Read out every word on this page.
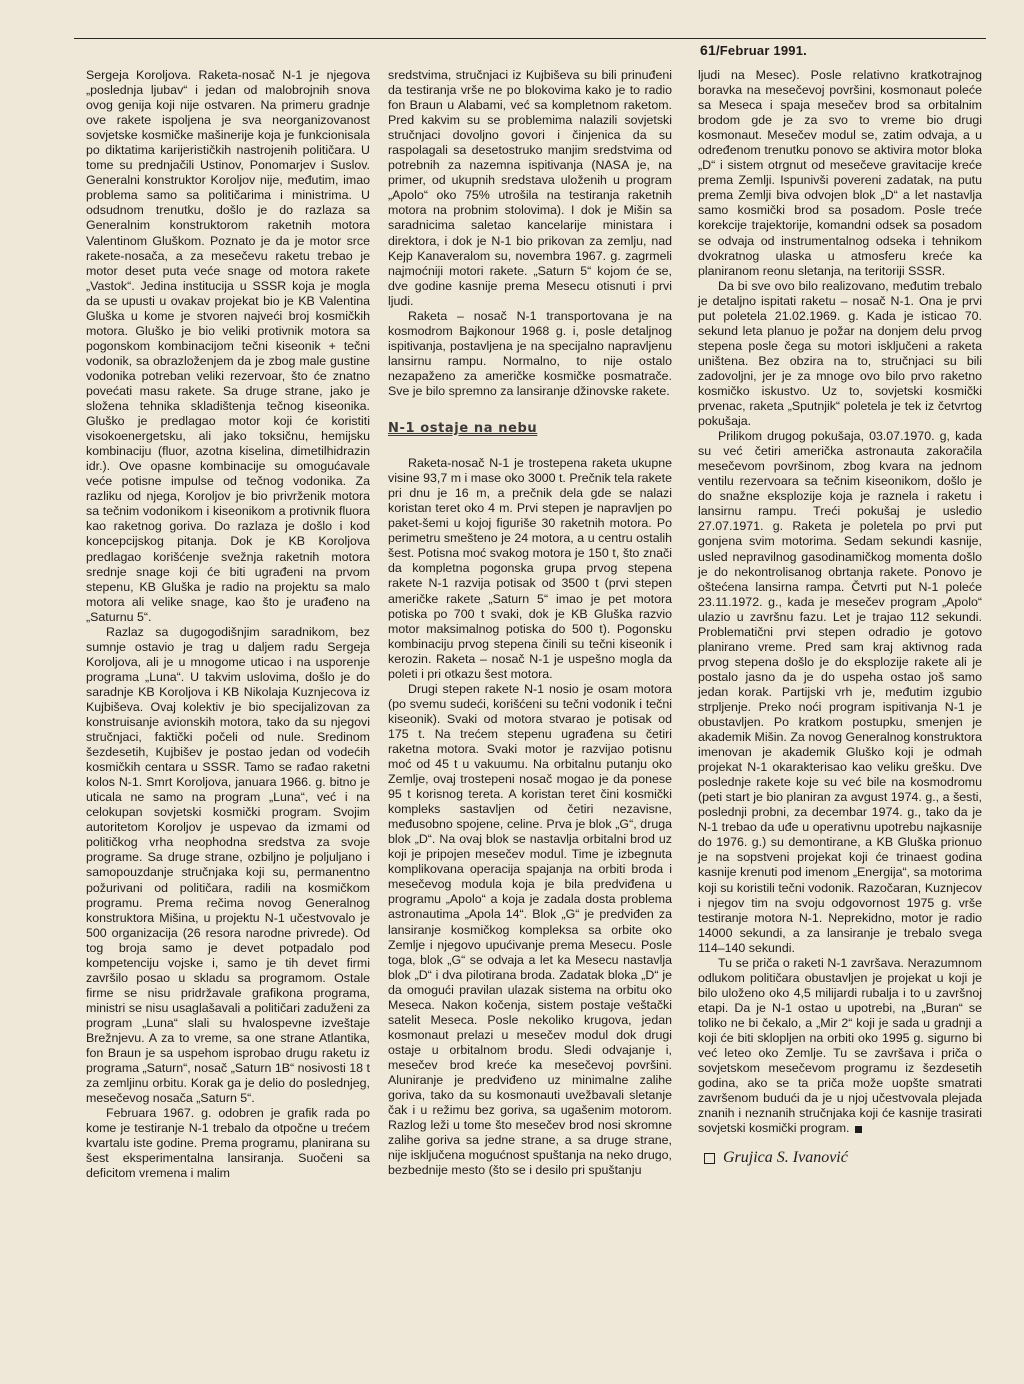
61/Februar 1991.

Sergeja Koroljova. Raketa-nosač N-1 je njegova „poslednja ljubav“ i jedan od malobrojnih snova ovog genija koji nije ostvaren. Na primeru gradnje ove rakete ispoljena je sva neorganizovanost sovjetske kosmičke mašinerije koja je funkcionisala po diktatima karijerističkih nastrojenih političara. U tome su prednjačili Ustinov, Ponomarjev i Suslov. Generalni konstruktor Koroljov nije, međutim, imao problema samo sa političarima i ministrima. U odsudnom trenutku, došlo je do razlaza sa Generalnim konstruktorom raketnih motora Valentinom Gluškom. Poznato je da je motor srce rakete-nosača, a za mesečevu raketu trebao je motor deset puta veće snage od motora rakete „Vastok“. Jedina institucija u SSSR koja je mogla da se upusti u ovakav projekat bio je KB Valentina Gluška u kome je stvoren najveći broj kosmičkih motora. Gluško je bio veliki protivnik motora sa pogonskom kombinacijom tečni kiseonik + tečni vodonik, sa obrazloženjem da je zbog male gustine vodonika potreban veliki rezervoar, što će znatno povećati masu rakete. Sa druge strane, jako je složena tehnika skladištenja tečnog kiseonika. Gluško je predlagao motor koji će koristiti visokoenergetsku, ali jako toksičnu, hemijsku kombinaciju (fluor, azotna kiselina, dimetilhidrazin idr.). Ove opasne kombinacije su omogućavale veće potisne impulse od tečnog vodonika. Za razliku od njega, Koroljov je bio privrženik motora sa tečnim vodonikom i kiseonikom a protivnik fluora kao raketnog goriva. Do razlaza je došlo i kod koncepcijskog pitanja. Dok je KB Koroljova predlagao korišćenje svežnja raketnih motora srednje snage koji će biti ugrađeni na prvom stepenu, KB Gluška je radio na projektu sa malo motora ali velike snage, kao što je urađeno na „Saturnu 5“.

Razlaz sa dugogodišnjim saradnikom, bez sumnje ostavio je trag u daljem radu Sergeja Koroljova, ali je u mnogome uticao i na usporenje programa „Luna“. U takvim uslovima, došlo je do saradnje KB Koroljova i KB Nikolaja Kuznjecova iz Kujbiševa. Ovaj kolektiv je bio specijalizovan za konstruisanje avionskih motora, tako da su njegovi stručnjaci, faktički počeli od nule. Sredinom šezdesetih, Kujbišev je postao jedan od vodećih kosmičkih centara u SSSR. Tamo se rađao raketni kolos N-1. Smrt Koroljova, januara 1966. g. bitno je uticala ne samo na program „Luna“, već i na celokupan sovjetski kosmički program. Svojim autoritetom Koroljov je uspevao da izmami od političkog vrha neophodna sredstva za svoje programe. Sa druge strane, ozbiljno je poljuljano i samopouzdanje stručnjaka koji su, permanentno požurivani od političara, radili na kosmičkom programu. Prema rečima novog Generalnog konstruktora Mišina, u projektu N-1 učestvovalo je 500 organizacija (26 resora narodne privrede). Od tog broja samo je devet potpadalo pod kompetenciju vojske i, samo je tih devet firmi završilo posao u skladu sa programom. Ostale firme se nisu pridržavale grafikona programa, ministri se nisu usaglašavali a političari zaduženi za program „Luna“ slali su hvalospevne izveštaje Brežnjevu. A za to vreme, sa one strane Atlantika, fon Braun je sa uspehom isprobao drugu raketu iz programa „Saturn“, nosač „Saturn 1B“ nosivosti 18 t za zemljinu orbitu. Korak ga je delio do poslednjeg, mesečevog nosača „Saturn 5“.

Februara 1967. g. odobren je grafik rada po kome je testiranje N-1 trebalo da otpočne u trećem kvartalu iste godine. Prema programu, planirana su šest eksperimentalna lansiranja. Suočeni sa deficitom vremena i malim

sredstvima, stručnjaci iz Kujbiševa su bili prinuđeni da testiranja vrše ne po blokovima kako je to radio fon Braun u Alabami, već sa kompletnom raketom. Pred kakvim su se problemima nalazili sovjetski stručnjaci dovoljno govori i činjenica da su raspolagali sa desetostruko manjim sredstvima od potrebnih za nazemna ispitivanja (NASA je, na primer, od ukupnih sredstava uloženih u program „Apolo“ oko 75% utrošila na testiranja raketnih motora na probnim stolovima). I dok je Mišin sa saradnicima saletao kancelarije ministara i direktora, i dok je N-1 bio prikovan za zemlju, nad Kejp Kanaveralom su, novembra 1967. g. zagrmeli najmoćniji motori rakete. „Saturn 5“ kojom će se, dve godine kasnije prema Mesecu otisnuti i prvi ljudi.

Raketa – nosač N-1 transportovana je na kosmodrom Bajkonour 1968 g. i, posle detaljnog ispitivanja, postavljena je na specijalno napravljenu lansirnu rampu. Normalno, to nije ostalo nezapaženo za američke kosmičke posmatrače. Sve je bilo spremno za lansiranje džinovske rakete.

N-1 ostaje na nebu

Raketa-nosač N-1 je trostepena raketa ukupne visine 93,7 m i mase oko 3000 t. Prečnik tela rakete pri dnu je 16 m, a prečnik dela gde se nalazi koristan teret oko 4 m. Prvi stepen je napravljen po paket-šemi u kojoj figuriše 30 raketnih motora. Po perimetru smešteno je 24 motora, a u centru ostalih šest. Potisna moć svakog motora je 150 t, što znači da kompletna pogonska grupa prvog stepena rakete N-1 razvija potisak od 3500 t (prvi stepen američke rakete „Saturn 5“ imao je pet motora potiska po 700 t svaki, dok je KB Gluška razvio motor maksimalnog potiska do 500 t). Pogonsku kombinaciju prvog stepena činili su tečni kiseonik i kerozin. Raketa – nosač N-1 je uspešno mogla da poleti i pri otkazu šest motora.

Drugi stepen rakete N-1 nosio je osam motora (po svemu sudeći, korišćeni su tečni vodonik i tečni kiseonik). Svaki od motora stvarao je potisak od 175 t. Na trećem stepenu ugrađena su četiri raketna motora. Svaki motor je razvijao potisnu moć od 45 t u vakuumu. Na orbitalnu putanju oko Zemlje, ovaj trostepeni nosač mogao je da ponese 95 t korisnog tereta. A koristan teret čini kosmički kompleks sastavljen od četiri nezavisne, međusobno spojene, celine. Prva je blok „G“, druga blok „D“. Na ovaj blok se nastavlja orbitalni brod uz koji je pripojen mesečev modul. Time je izbegnuta komplikovana operacija spajanja na orbiti broda i mesečevog modula koja je bila predviđena u programu „Apolo“ a koja je zadala dosta problema astronautima „Apola 14“. Blok „G“ je predviđen za lansiranje kosmičkog kompleksa sa orbite oko Zemlje i njegovo upućivanje prema Mesecu. Posle toga, blok „G“ se odvaja a let ka Mesecu nastavlja blok „D“ i dva pilotirana broda. Zadatak bloka „D“ je da omogući pravilan ulazak sistema na orbitu oko Meseca. Nakon kočenja, sistem postaje veštački satelit Meseca. Posle nekoliko krugova, jedan kosmonaut prelazi u mesečev modul dok drugi ostaje u orbitalnom brodu. Sledi odvajanje i, mesečev brod kreće ka mesečevoj površini. Aluniranje je predviđeno uz minimalne zalihe goriva, tako da su kosmonauti uvežbavali sletanje čak i u režimu bez goriva, sa ugašenim motorom. Razlog leži u tome što mesečev brod nosi skromne zalihe goriva sa jedne strane, a sa druge strane, nije isključena mogućnost spuštanja na neko drugo, bezbednije mesto (što se i desilo pri spuštanju

ljudi na Mesec). Posle relativno kratkotrajnog boravka na mesečevoj površini, kosmonaut poleće sa Meseca i spaja mesečev brod sa orbitalnim brodom gde je za svo to vreme bio drugi kosmonaut. Mesečev modul se, zatim odvaja, a u određenom trenutku ponovo se aktivira motor bloka „D“ i sistem otrgnut od mesečeve gravitacije kreće prema Zemlji. Ispunivši povereni zadatak, na putu prema Zemlji biva odvojen blok „D“ a let nastavlja samo kosmički brod sa posadom. Posle treće korekcije trajektorije, komandni odsek sa posadom se odvaja od instrumentalnog odseka i tehnikom dvokratnog ulaska u atmosferu kreće ka planiranom reonu sletanja, na teritoriji SSSR.

Da bi sve ovo bilo realizovano, međutim trebalo je detaljno ispitati raketu – nosač N-1. Ona je prvi put poletela 21.02.1969. g. Kada je isticao 70. sekund leta planuo je požar na donjem delu prvog stepena posle čega su motori isključeni a raketa uništena. Bez obzira na to, stručnjaci su bili zadovoljni, jer je za mnoge ovo bilo prvo raketno kosmičko iskustvo. Uz to, sovjetski kosmički prvenac, raketa „Sputnjik“ poletela je tek iz četvrtog pokušaja.

Prilikom drugog pokušaja, 03.07.1970. g, kada su već četiri američka astronauta zakoračila mesečevom površinom, zbog kvara na jednom ventilu rezervoara sa tečnim kiseonikom, došlo je do snažne eksplozije koja je raznela i raketu i lansirnu rampu. Treći pokušaj je usledio 27.07.1971. g. Raketa je poletela po prvi put gonjena svim motorima. Sedam sekundi kasnije, usled nepravilnog gasodinamičkog momenta došlo je do nekontrolisanog obrtanja rakete. Ponovo je oštećena lansirna rampa. Četvrti put N-1 poleće 23.11.1972. g., kada je mesečev program „Apolo“ ulazio u završnu fazu. Let je trajao 112 sekundi. Problematični prvi stepen odradio je gotovo planirano vreme. Pred sam kraj aktivnog rada prvog stepena došlo je do eksplozije rakete ali je postalo jasno da je do uspeha ostao još samo jedan korak. Partijski vrh je, međutim izgubio strpljenje. Preko noći program ispitivanja N-1 je obustavljen. Po kratkom postupku, smenjen je akademik Mišin. Za novog Generalnog konstruktora imenovan je akademik Gluško koji je odmah projekat N-1 okarakterisao kao veliku grešku. Dve poslednje rakete koje su već bile na kosmodromu (peti start je bio planiran za avgust 1974. g., a šesti, poslednji probni, za decembar 1974. g., tako da je N-1 trebao da uđe u operativnu upotrebu najkasnije do 1976. g.) su demontirane, a KB Gluška prionuo je na sopstveni projekat koji će trinaest godina kasnije krenuti pod imenom „Energija“, sa motorima koji su koristili tečni vodonik. Razočaran, Kuznjecov i njegov tim na svoju odgovornost 1975 g. vrše testiranje motora N-1. Neprekidno, motor je radio 14000 sekundi, a za lansiranje je trebalo svega 114–140 sekundi.

Tu se priča o raketi N-1 završava. Nerazumnom odlukom političara obustavljen je projekat u koji je bilo uloženo oko 4,5 milijardi rubalja i to u završnoj etapi. Da je N-1 ostao u upotrebi, na „Buran“ se toliko ne bi čekalo, a „Mir 2“ koji je sada u gradnji a koji će biti sklopljen na orbiti oko 1995 g. sigurno bi već leteo oko Zemlje. Tu se završava i priča o sovjetskom mesečevom programu iz šezdesetih godina, ako se ta priča može uopšte smatrati završenom budući da je u njoj učestvovala plejada znanih i neznanih stručnjaka koji će kasnije trasirati sovjetski kosmički program.

Grujica S. Ivanović
